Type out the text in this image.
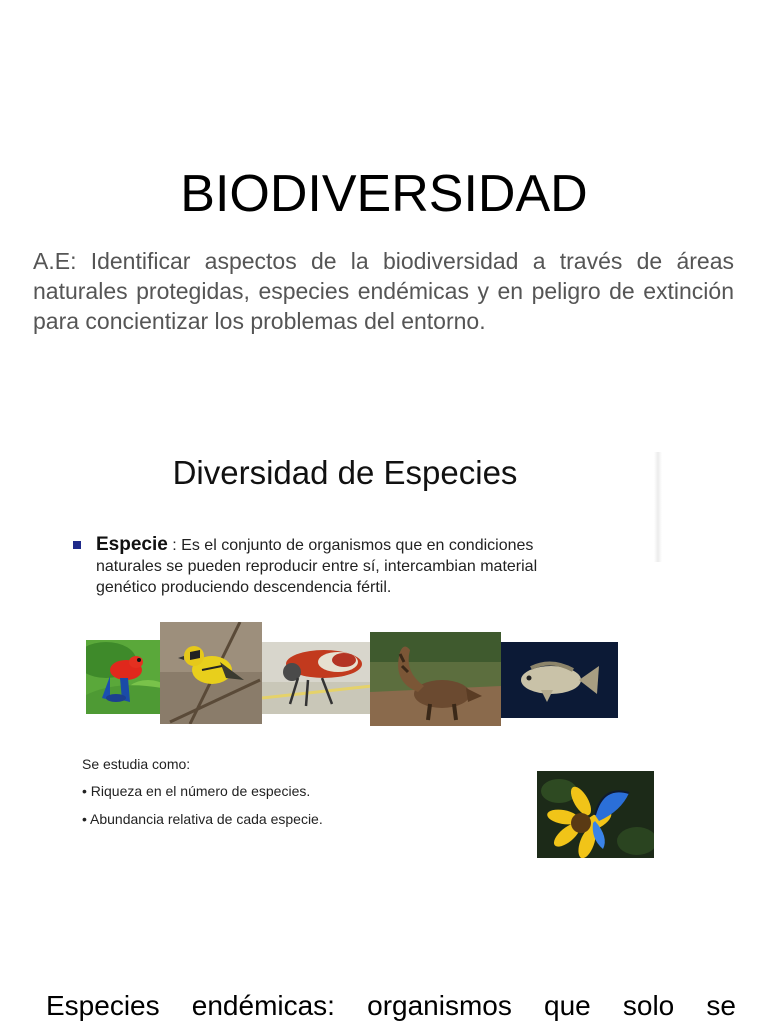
BIODIVERSIDAD
A.E: Identificar aspectos de la biodiversidad a través de áreas naturales protegidas, especies endémicas y en peligro de extinción para concientizar los problemas del entorno.
Diversidad de Especies
Especie : Es el conjunto de organismos que en condiciones naturales se pueden reproducir entre sí, intercambian material genético produciendo descendencia fértil.
Se estudia como:
• Riqueza en el número de especies.
• Abundancia relativa de cada especie.
Especies endémicas: organismos que solo se
